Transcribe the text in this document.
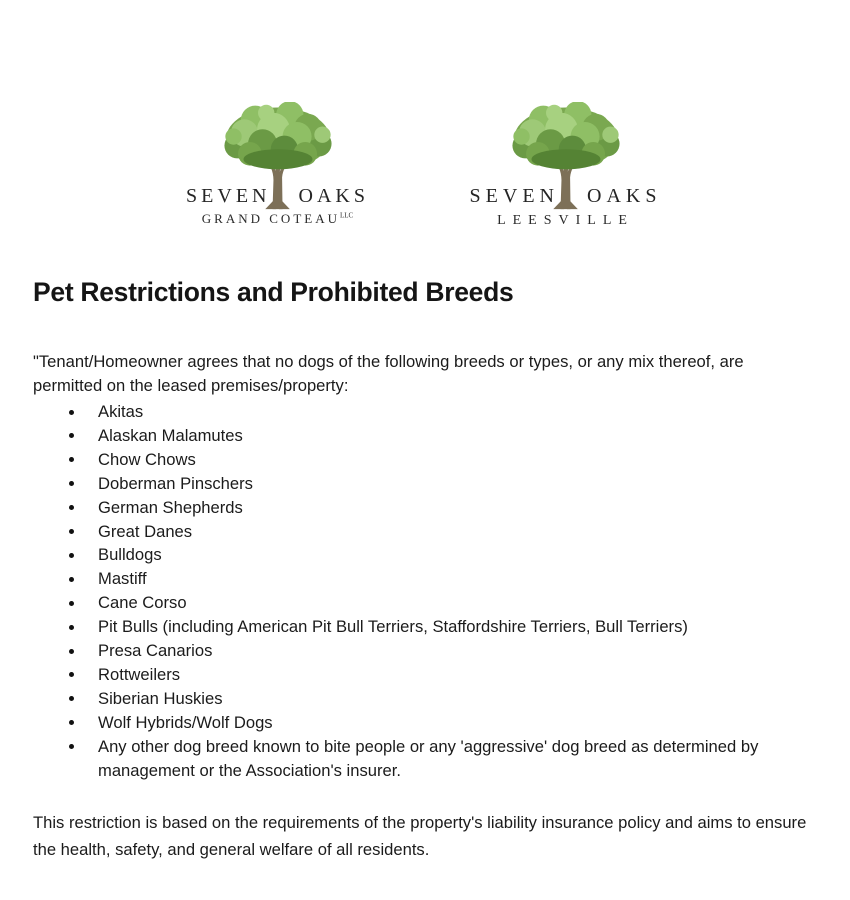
SEVEN OAKS
GRAND $COTEAU^{LLC}$
SEVEN OAKS
LEESVILLE
Pet Restrictions and Prohibited Breeds

"Tenant/Homeowner agrees that no dogs of the following breeds or types, or any mix thereof, are permitted on the leased premises/property:

Akitas
Alaskan Malamutes
Chow Chows
Doberman Pinschers
German Shepherds
Great Danes
Bulldogs
Mastiff
Cane Corso
Pit Bulls (including American Pit Bull Terriers, Staffordshire Terriers, Bull Terriers)
Presa Canarios
Rottweilers
Siberian Huskies
Wolf Hybrids/Wolf Dogs
Any other dog breed known to bite people or any 'aggressive' dog breed as determined by management or the Association's insurer.

This restriction is based on the requirements of the property's liability insurance policy and aims to ensure the health, safety, and general welfare of all residents.
